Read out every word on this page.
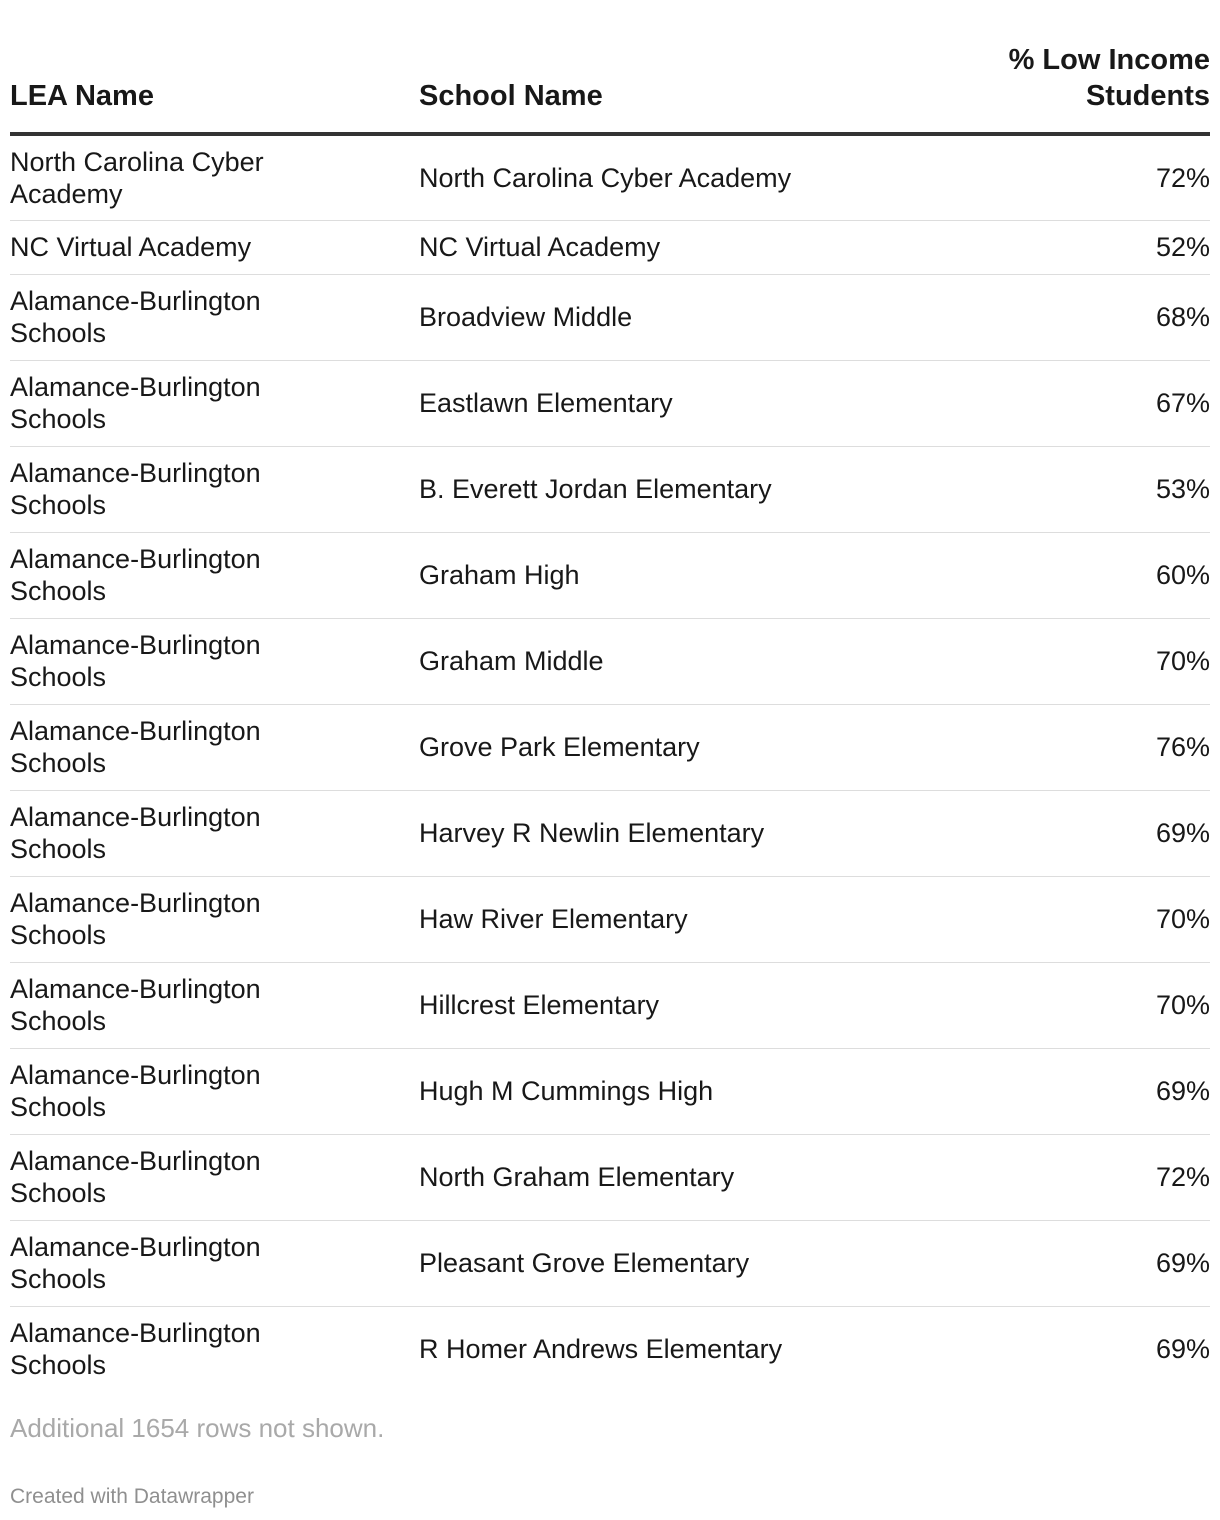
LEA Name	School Name	% Low Income
Students
North Carolina Cyber Academy	North Carolina Cyber Academy	72%
NC Virtual Academy	NC Virtual Academy	52%
Alamance-Burlington Schools	Broadview Middle	68%
Alamance-Burlington Schools	Eastlawn Elementary	67%
Alamance-Burlington Schools	B. Everett Jordan Elementary	53%
Alamance-Burlington Schools	Graham High	60%
Alamance-Burlington Schools	Graham Middle	70%
Alamance-Burlington Schools	Grove Park Elementary	76%
Alamance-Burlington Schools	Harvey R Newlin Elementary	69%
Alamance-Burlington Schools	Haw River Elementary	70%
Alamance-Burlington Schools	Hillcrest Elementary	70%
Alamance-Burlington Schools	Hugh M Cummings High	69%
Alamance-Burlington Schools	North Graham Elementary	72%
Alamance-Burlington Schools	Pleasant Grove Elementary	69%
Alamance-Burlington Schools	R Homer Andrews Elementary	69%
Additional 1654 rows not shown.
Created with Datawrapper
